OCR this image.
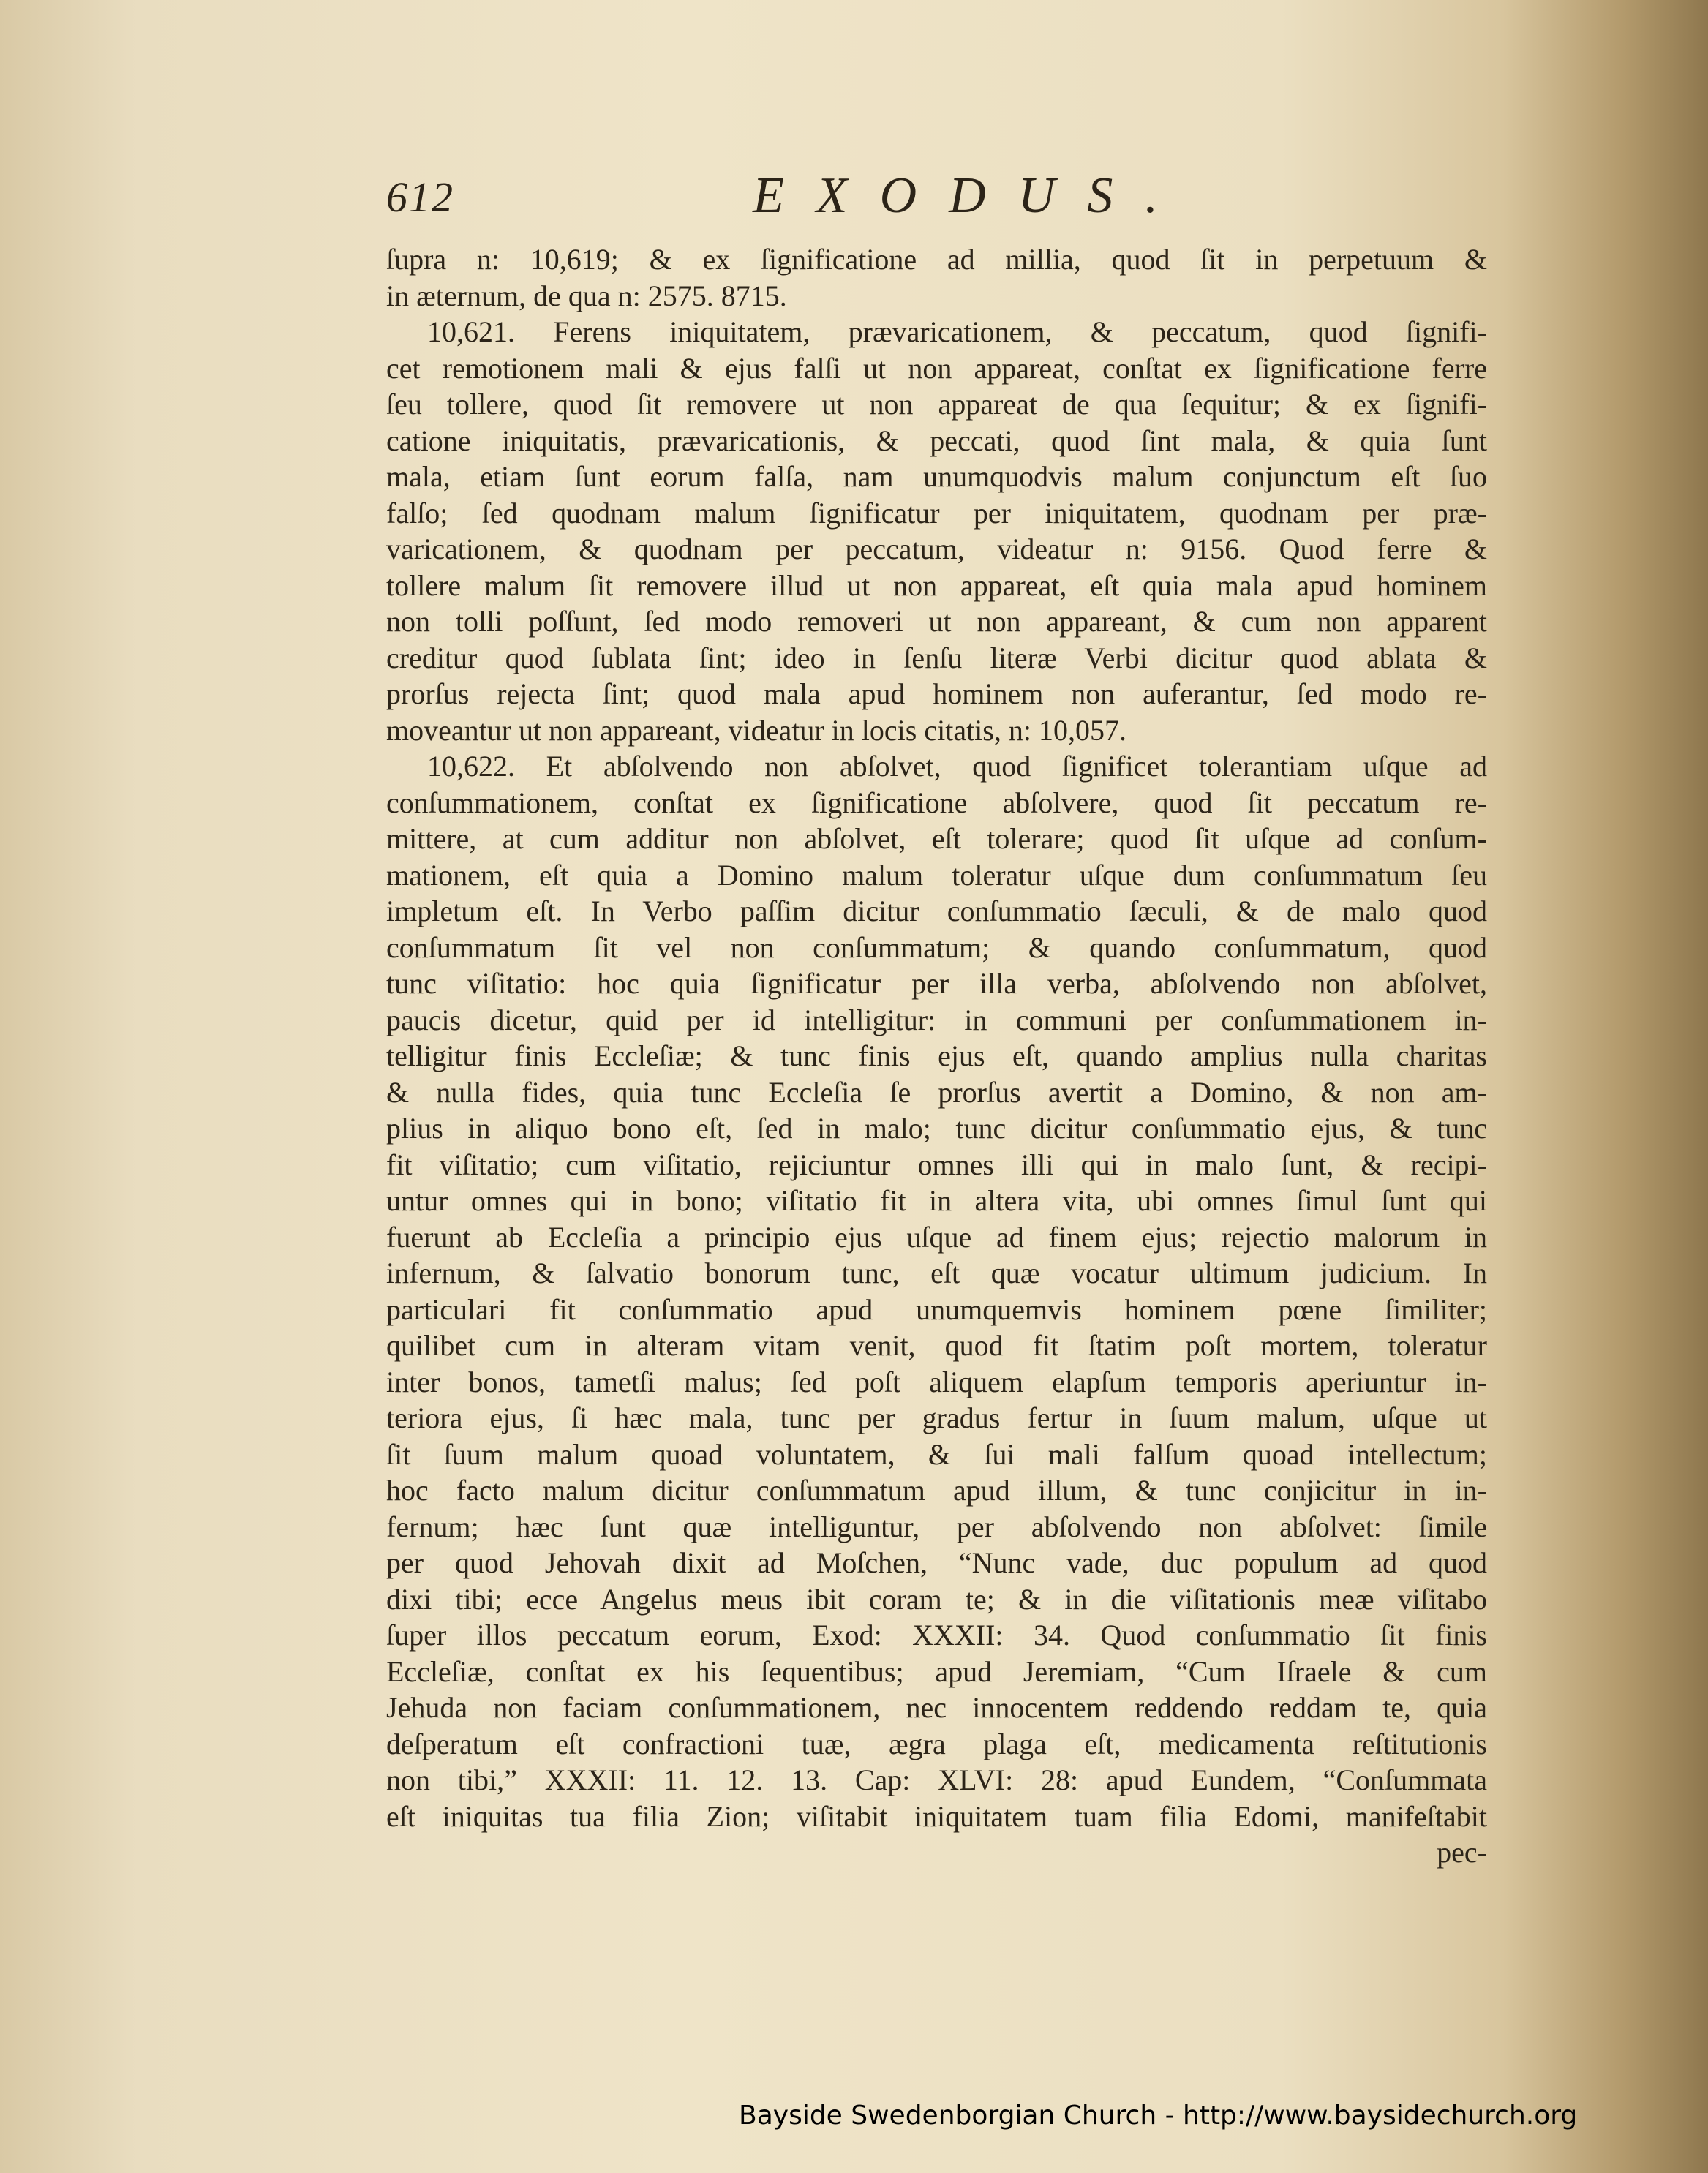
612	EXODUS.
ſupra n: 10,619; & ex ſignificatione ad millia, quod ſit in perpetuum &
in æternum, de qua n: 2575. 8715.
10,621. Ferens iniquitatem, prævaricationem, & peccatum, quod ſignifi-
cet remotionem mali & ejus falſi ut non appareat, conſtat ex ſignificatione ferre
ſeu tollere, quod ſit removere ut non appareat de qua ſequitur; & ex ſignifi-
catione iniquitatis, prævaricationis, & peccati, quod ſint mala, & quia ſunt
mala, etiam ſunt eorum falſa, nam unumquodvis malum conjunctum eſt ſuo
falſo; ſed quodnam malum ſignificatur per iniquitatem, quodnam per præ-
varicationem, & quodnam per peccatum, videatur n: 9156. Quod ferre &
tollere malum ſit removere illud ut non appareat, eſt quia mala apud hominem
non tolli poſſunt, ſed modo removeri ut non appareant, & cum non apparent
creditur quod ſublata ſint; ideo in ſenſu literæ Verbi dicitur quod ablata &
prorſus rejecta ſint; quod mala apud hominem non auferantur, ſed modo re-
moveantur ut non appareant, videatur in locis citatis, n: 10,057.
10,622. Et abſolvendo non abſolvet, quod ſignificet tolerantiam uſque ad
conſummationem, conſtat ex ſignificatione abſolvere, quod ſit peccatum re-
mittere, at cum additur non abſolvet, eſt tolerare; quod ſit uſque ad conſum-
mationem, eſt quia a Domino malum toleratur uſque dum conſummatum ſeu
impletum eſt. In Verbo paſſim dicitur conſummatio ſæculi, & de malo quod
conſummatum ſit vel non conſummatum; & quando conſummatum, quod
tunc viſitatio: hoc quia ſignificatur per illa verba, abſolvendo non abſolvet,
paucis dicetur, quid per id intelligitur: in communi per conſummationem in-
telligitur finis Eccleſiæ; & tunc finis ejus eſt, quando amplius nulla charitas
& nulla fides, quia tunc Eccleſia ſe prorſus avertit a Domino, & non am-
plius in aliquo bono eſt, ſed in malo; tunc dicitur conſummatio ejus, & tunc
fit viſitatio; cum viſitatio, rejiciuntur omnes illi qui in malo ſunt, & recipi-
untur omnes qui in bono; viſitatio fit in altera vita, ubi omnes ſimul ſunt qui
fuerunt ab Eccleſia a principio ejus uſque ad finem ejus; rejectio malorum in
infernum, & ſalvatio bonorum tunc, eſt quæ vocatur ultimum judicium. In
particulari fit conſummatio apud unumquemvis hominem pœne ſimiliter;
quilibet cum in alteram vitam venit, quod fit ſtatim poſt mortem, toleratur
inter bonos, tametſi malus; ſed poſt aliquem elapſum temporis aperiuntur in-
teriora ejus, ſi hæc mala, tunc per gradus fertur in ſuum malum, uſque ut
ſit ſuum malum quoad voluntatem, & ſui mali falſum quoad intellectum;
hoc facto malum dicitur conſummatum apud illum, & tunc conjicitur in in-
fernum; hæc ſunt quæ intelliguntur, per abſolvendo non abſolvet: ſimile
per quod Jehovah dixit ad Moſchen, “Nunc vade, duc populum ad quod
dixi tibi; ecce Angelus meus ibit coram te; & in die viſitationis meæ viſitabo
ſuper illos peccatum eorum, Exod: XXXII: 34. Quod conſummatio ſit finis
Eccleſiæ, conſtat ex his ſequentibus; apud Jeremiam, “Cum Iſraele & cum
Jehuda non faciam conſummationem, nec innocentem reddendo reddam te, quia
deſperatum eſt confractioni tuæ, ægra plaga eſt, medicamenta reſtitutionis
non tibi,” XXXII: 11. 12. 13. Cap: XLVI: 28: apud Eundem, “Conſummata
eſt iniquitas tua filia Zion; viſitabit iniquitatem tuam filia Edomi, manifeſtabit
pec-
Bayside Swedenborgian Church - http://www.baysidechurch.org
